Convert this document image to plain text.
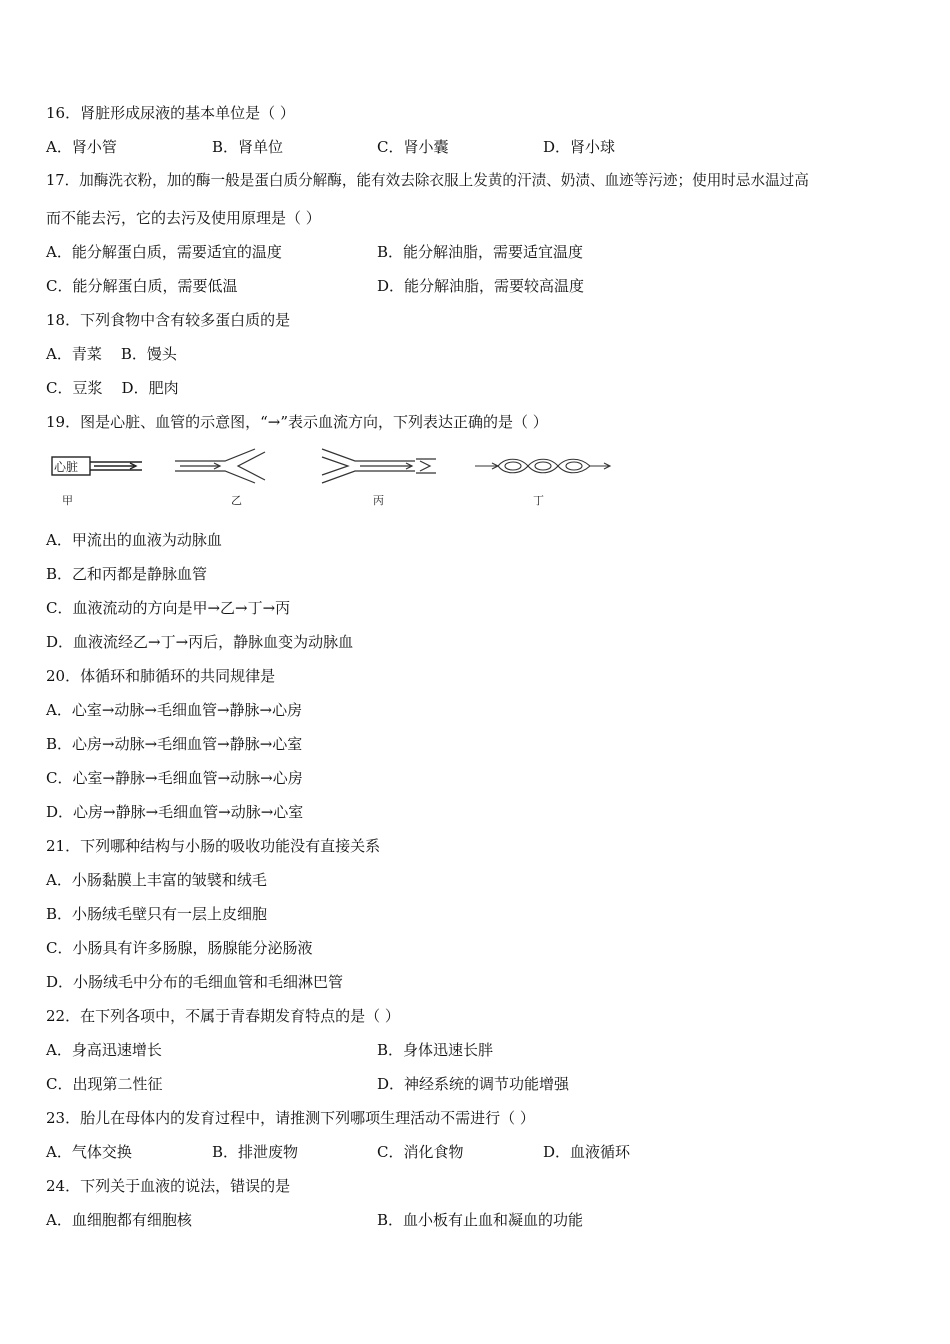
16．肾脏形成尿液的基本单位是（ ）
A．肾小管	B．肾单位	C．肾小囊	D．肾小球
17．加酶洗衣粉，加的酶一般是蛋白质分解酶，能有效去除衣服上发黄的汗渍、奶渍、血迹等污迹；使用时忌水温过高
而不能去污，它的去污及使用原理是（ ）
A．能分解蛋白质，需要适宜的温度	B．能分解油脂，需要适宜温度
C．能分解蛋白质，需要低温	D．能分解油脂，需要较高温度
18．下列食物中含有较多蛋白质的是
A．青菜    B．馒头
C．豆浆    D．肥肉
19．图是心脏、血管的示意图，“→”表示血流方向，下列表达正确的是（ ）
心脏
甲	乙	丙	丁
A．甲流出的血液为动脉血
B．乙和丙都是静脉血管
C．血液流动的方向是甲→乙→丁→丙
D．血液流经乙→丁→丙后，静脉血变为动脉血
20．体循环和肺循环的共同规律是
A．心室→动脉→毛细血管→静脉→心房
B．心房→动脉→毛细血管→静脉→心室
C．心室→静脉→毛细血管→动脉→心房
D．心房→静脉→毛细血管→动脉→心室
21．下列哪种结构与小肠的吸收功能没有直接关系
A．小肠黏膜上丰富的皱襞和绒毛
B．小肠绒毛壁只有一层上皮细胞
C．小肠具有许多肠腺，肠腺能分泌肠液
D．小肠绒毛中分布的毛细血管和毛细淋巴管
22．在下列各项中，不属于青春期发育特点的是（ ）
A．身高迅速增长	B．身体迅速长胖
C．出现第二性征	D．神经系统的调节功能增强
23．胎儿在母体内的发育过程中，请推测下列哪项生理活动不需进行（ ）
A．气体交换	B．排泄废物	C．消化食物	D．血液循环
24．下列关于血液的说法，错误的是
A．血细胞都有细胞核	B．血小板有止血和凝血的功能
